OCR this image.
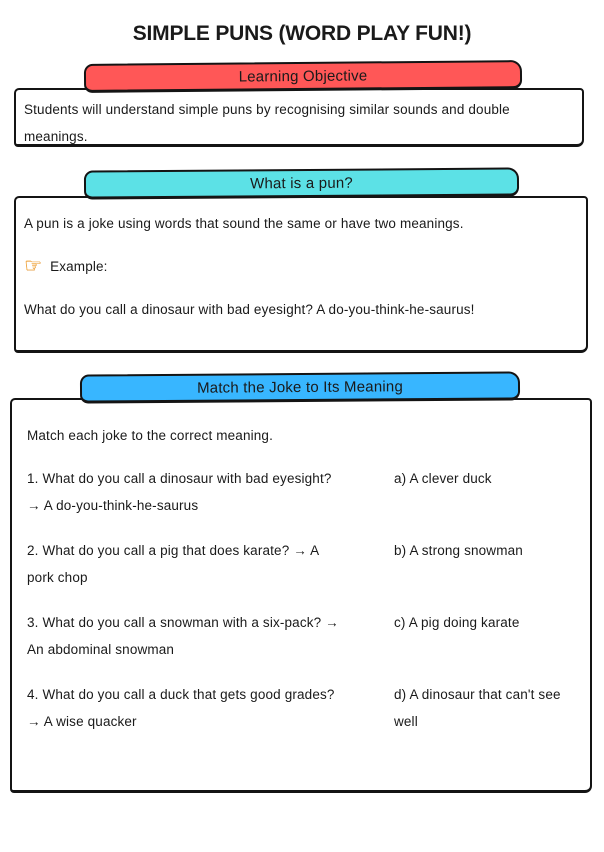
SIMPLE PUNS (WORD PLAY FUN!)
Learning Objective

Students will understand simple puns by recognising similar sounds and double meanings.

What is a pun?

A pun is a joke using words that sound the same or have two meanings.

☞ Example:

What do you call a dinosaur with bad eyesight? A do-you-think-he-saurus!

Match the Joke to Its Meaning

Match each joke to the correct meaning.

1. What do you call a dinosaur with bad eyesight? → A do-you-think-he-saurus

a) A clever duck

2. What do you call a pig that does karate? → A pork chop

b) A strong snowman

3. What do you call a snowman with a six-pack? → An abdominal snowman

c) A pig doing karate

4. What do you call a duck that gets good grades? → A wise quacker

d) A dinosaur that can't see well
